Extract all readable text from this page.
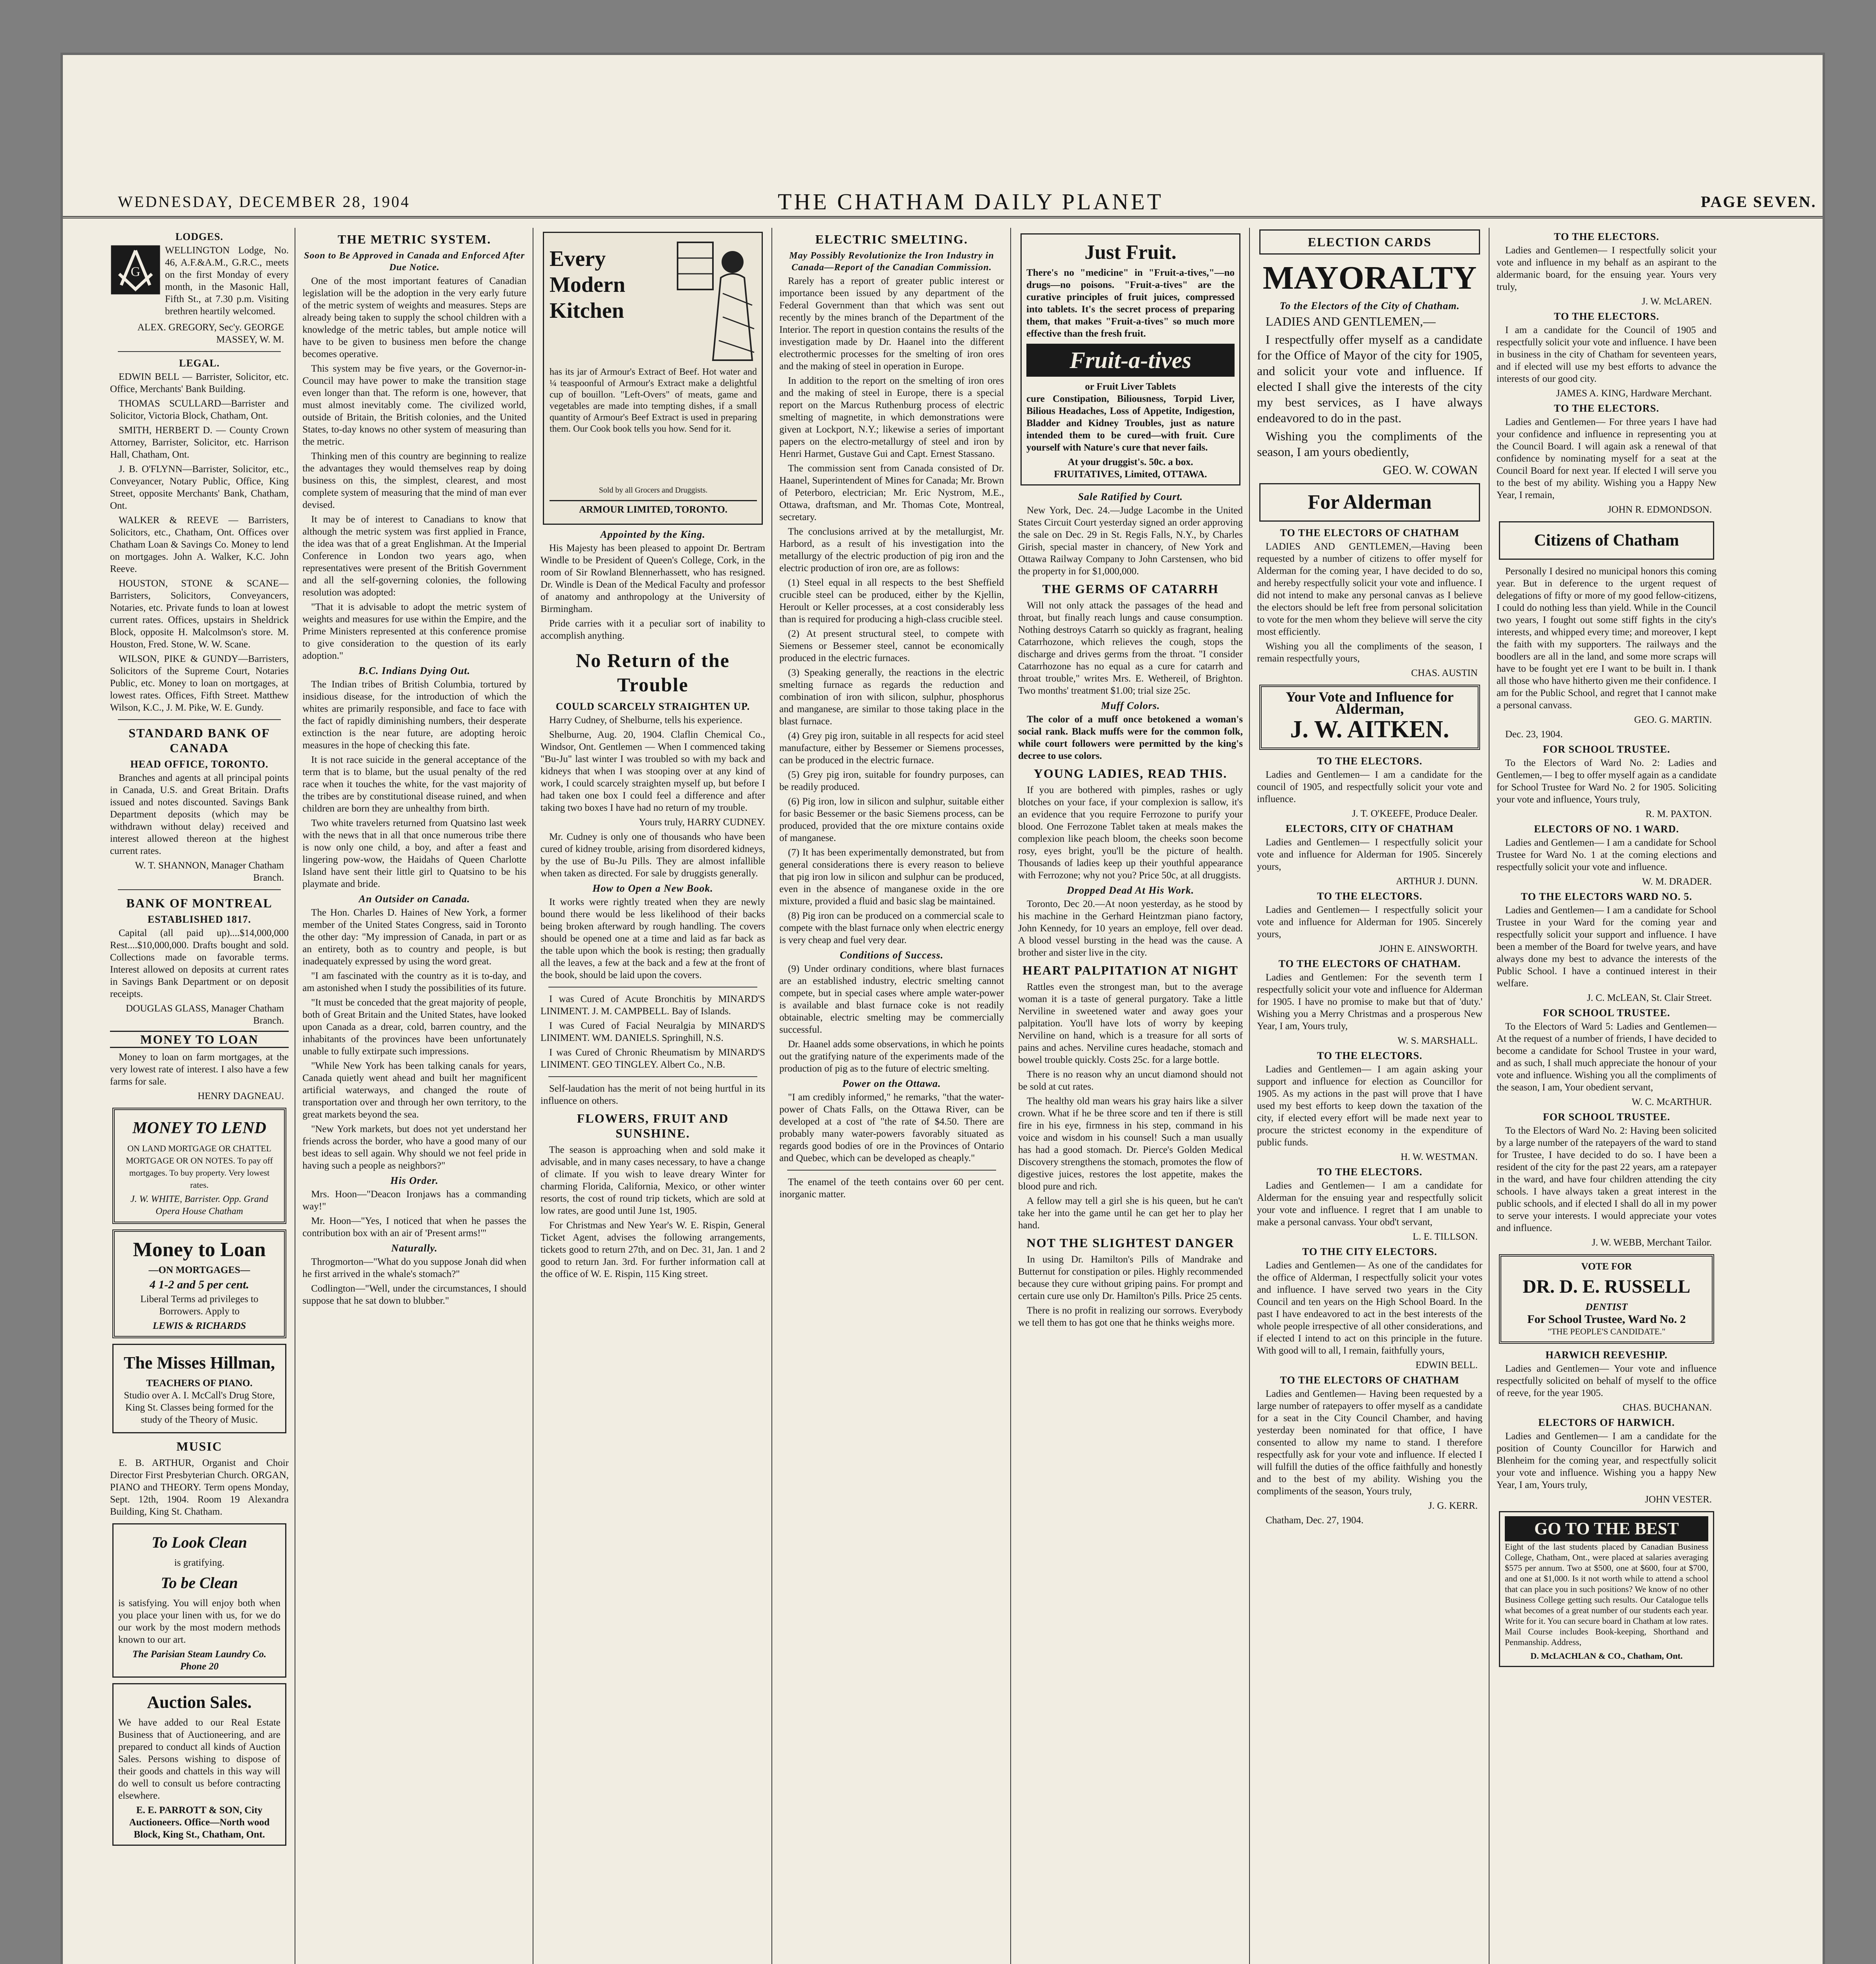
WEDNESDAY, DECEMBER 28, 1904	THE CHATHAM DAILY PLANET	PAGE SEVEN.
LODGES.
G

WELLINGTON Lodge, No. 46, A.F.&A.M., G.R.C., meets on the first Monday of every month, in the Masonic Hall, Fifth St., at 7.30 p.m. Visiting brethren heartily welcomed.

ALEX. GREGORY, Sec'y. GEORGE MASSEY, W. M.
LEGAL.

EDWIN BELL — Barrister, Solicitor, etc. Office, Merchants' Bank Building.

THOMAS SCULLARD—Barrister and Solicitor, Victoria Block, Chatham, Ont.

SMITH, HERBERT D. — County Crown Attorney, Barrister, Solicitor, etc. Harrison Hall, Chatham, Ont.

J. B. O'FLYNN—Barrister, Solicitor, etc., Conveyancer, Notary Public, Office, King Street, opposite Merchants' Bank, Chatham, Ont.

WALKER & REEVE — Barristers, Solicitors, etc., Chatham, Ont. Offices over Chatham Loan & Savings Co. Money to lend on mortgages. John A. Walker, K.C. John Reeve.

HOUSTON, STONE & SCANE—Barristers, Solicitors, Conveyancers, Notaries, etc. Private funds to loan at lowest current rates. Offices, upstairs in Sheldrick Block, opposite H. Malcolmson's store. M. Houston, Fred. Stone, W. W. Scane.

WILSON, PIKE & GUNDY—Barristers, Solicitors of the Supreme Court, Notaries Public, etc. Money to loan on mortgages, at lowest rates. Offices, Fifth Street. Matthew Wilson, K.C., J. M. Pike, W. E. Gundy.

STANDARD BANK OF CANADA
HEAD OFFICE, TORONTO.

Branches and agents at all principal points in Canada, U.S. and Great Britain. Drafts issued and notes discounted. Savings Bank Department deposits (which may be withdrawn without delay) received and interest allowed thereon at the highest current rates.

W. T. SHANNON, Manager Chatham Branch.
BANK OF MONTREAL
ESTABLISHED 1817.

Capital (all paid up)....$14,000,000 Rest....$10,000,000. Drafts bought and sold. Collections made on favorable terms. Interest allowed on deposits at current rates in Savings Bank Department or on deposit receipts.

DOUGLAS GLASS, Manager Chatham Branch.
MONEY TO LOAN

Money to loan on farm mortgages, at the very lowest rate of interest. I also have a few farms for sale.

HENRY DAGNEAU.
MONEY TO LEND

ON LAND MORTGAGE OR CHATTEL MORTGAGE OR ON NOTES. To pay off mortgages. To buy property. Very lowest rates.

J. W. WHITE, Barrister. Opp. Grand Opera House Chatham
Money to Loan
—ON MORTGAGES—
4 1-2 and 5 per cent.

Liberal Terms ad privileges to Borrowers. Apply to

LEWIS & RICHARDS
The Misses Hillman,
TEACHERS OF PIANO.

Studio over A. I. McCall's Drug Store, King St. Classes being formed for the study of the Theory of Music.

MUSIC

E. B. ARTHUR, Organist and Choir Director First Presbyterian Church. ORGAN, PIANO and THEORY. Term opens Monday, Sept. 12th, 1904. Room 19 Alexandra Building, King St. Chatham.

To Look Clean
is gratifying.
To be Clean

is satisfying. You will enjoy both when you place your linen with us, for we do our work by the most modern methods known to our art.

The Parisian Steam Laundry Co. Phone 20
Auction Sales.

We have added to our Real Estate Business that of Auctioneering, and are prepared to conduct all kinds of Auction Sales. Persons wishing to dispose of their goods and chattels in this way will do well to consult us before contracting elsewhere.

E. E. PARROTT & SON, City Auctioneers. Office—North wood Block, King St., Chatham, Ont.
THE METRIC SYSTEM.
Soon to Be Approved in Canada and Enforced After Due Notice.

One of the most important features of Canadian legislation will be the adoption in the very early future of the metric system of weights and measures. Steps are already being taken to supply the school children with a knowledge of the metric tables, but ample notice will have to be given to business men before the change becomes operative.

This system may be five years, or the Governor-in-Council may have power to make the transition stage even longer than that. The reform is one, however, that must almost inevitably come. The civilized world, outside of Britain, the British colonies, and the United States, to-day knows no other system of measuring than the metric.

Thinking men of this country are beginning to realize the advantages they would themselves reap by doing business on this, the simplest, clearest, and most complete system of measuring that the mind of man ever devised.

It may be of interest to Canadians to know that although the metric system was first applied in France, the idea was that of a great Englishman. At the Imperial Conference in London two years ago, when representatives were present of the British Government and all the self-governing colonies, the following resolution was adopted:

"That it is advisable to adopt the metric system of weights and measures for use within the Empire, and the Prime Ministers represented at this conference promise to give consideration to the question of its early adoption."

B.C. Indians Dying Out.

The Indian tribes of British Columbia, tortured by insidious disease, for the introduction of which the whites are primarily responsible, and face to face with the fact of rapidly diminishing numbers, their desperate extinction is the near future, are adopting heroic measures in the hope of checking this fate.

It is not race suicide in the general acceptance of the term that is to blame, but the usual penalty of the red race when it touches the white, for the vast majority of the tribes are by constitutional disease ruined, and when children are born they are unhealthy from birth.

Two white travelers returned from Quatsino last week with the news that in all that once numerous tribe there is now only one child, a boy, and after a feast and lingering pow-wow, the Haidahs of Queen Charlotte Island have sent their little girl to Quatsino to be his playmate and bride.

An Outsider on Canada.

The Hon. Charles D. Haines of New York, a former member of the United States Congress, said in Toronto the other day: "My impression of Canada, in part or as an entirety, both as to country and people, is but inadequately expressed by using the word great.

"I am fascinated with the country as it is to-day, and am astonished when I study the possibilities of its future.

"It must be conceded that the great majority of people, both of Great Britain and the United States, have looked upon Canada as a drear, cold, barren country, and the inhabitants of the provinces have been unfortunately unable to fully extirpate such impressions.

"While New York has been talking canals for years, Canada quietly went ahead and built her magnificent artificial waterways, and changed the route of transportation over and through her own territory, to the great markets beyond the sea.

"New York markets, but does not yet understand her friends across the border, who have a good many of our best ideas to sell again. Why should we not feel pride in having such a people as neighbors?"

His Order.

Mrs. Hoon—"Deacon Ironjaws has a commanding way!"

Mr. Hoon—"Yes, I noticed that when he passes the contribution box with an air of 'Present arms!'"

Naturally.

Throgmorton—"What do you suppose Jonah did when he first arrived in the whale's stomach?"

Codlington—"Well, under the circumstances, I should suppose that he sat down to blubber."

Every
Modern
Kitchen

has its jar of Armour's Extract of Beef. Hot water and ¼ teaspoonful of Armour's Extract make a delightful cup of bouillon. "Left-Overs" of meats, game and vegetables are made into tempting dishes, if a small quantity of Armour's Beef Extract is used in preparing them. Our Cook book tells you how. Send for it.

Sold by all Grocers and Druggists.
ARMOUR LIMITED, TORONTO.
Appointed by the King.

His Majesty has been pleased to appoint Dr. Bertram Windle to be President of Queen's College, Cork, in the room of Sir Rowland Blennerhassett, who has resigned. Dr. Windle is Dean of the Medical Faculty and professor of anatomy and anthropology at the University of Birmingham.

Pride carries with it a peculiar sort of inability to accomplish anything.

No Return of the Trouble
COULD SCARCELY STRAIGHTEN UP.

Harry Cudney, of Shelburne, tells his experience.

Shelburne, Aug. 20, 1904. Claflin Chemical Co., Windsor, Ont. Gentlemen — When I commenced taking "Bu-Ju" last winter I was troubled so with my back and kidneys that when I was stooping over at any kind of work, I could scarcely straighten myself up, but before I had taken one box I could feel a difference and after taking two boxes I have had no return of my trouble.

Yours truly, HARRY CUDNEY.

Mr. Cudney is only one of thousands who have been cured of kidney trouble, arising from disordered kidneys, by the use of Bu-Ju Pills. They are almost infallible when taken as directed. For sale by druggists generally.

How to Open a New Book.

It works were rightly treated when they are newly bound there would be less likelihood of their backs being broken afterward by rough handling. The covers should be opened one at a time and laid as far back as the table upon which the book is resting; then gradually all the leaves, a few at the back and a few at the front of the book, should be laid upon the covers.

I was Cured of Acute Bronchitis by MINARD'S LINIMENT. J. M. CAMPBELL. Bay of Islands.

I was Cured of Facial Neuralgia by MINARD'S LINIMENT. WM. DANIELS. Springhill, N.S.

I was Cured of Chronic Rheumatism by MINARD'S LINIMENT. GEO TINGLEY. Albert Co., N.B.

Self-laudation has the merit of not being hurtful in its influence on others.

FLOWERS, FRUIT AND SUNSHINE.

The season is approaching when and sold make it advisable, and in many cases necessary, to have a change of climate. If you wish to leave dreary Winter for charming Florida, California, Mexico, or other winter resorts, the cost of round trip tickets, which are sold at low rates, are good until June 1st, 1905.

For Christmas and New Year's W. E. Rispin, General Ticket Agent, advises the following arrangements, tickets good to return 27th, and on Dec. 31, Jan. 1 and 2 good to return Jan. 3rd. For further information call at the office of W. E. Rispin, 115 King street.

ELECTRIC SMELTING.
May Possibly Revolutionize the Iron Industry in Canada—Report of the Canadian Commission.

Rarely has a report of greater public interest or importance been issued by any department of the Federal Government than that which was sent out recently by the mines branch of the Department of the Interior. The report in question contains the results of the investigation made by Dr. Haanel into the different electrothermic processes for the smelting of iron ores and the making of steel in operation in Europe.

In addition to the report on the smelting of iron ores and the making of steel in Europe, there is a special report on the Marcus Ruthenburg process of electric smelting of magnetite, in which demonstrations were given at Lockport, N.Y.; likewise a series of important papers on the electro-metallurgy of steel and iron by Henri Harmet, Gustave Gui and Capt. Ernest Stassano.

The commission sent from Canada consisted of Dr. Haanel, Superintendent of Mines for Canada; Mr. Brown of Peterboro, electrician; Mr. Eric Nystrom, M.E., Ottawa, draftsman, and Mr. Thomas Cote, Montreal, secretary.

The conclusions arrived at by the metallurgist, Mr. Harbord, as a result of his investigation into the metallurgy of the electric production of pig iron and the electric production of iron ore, are as follows:

(1) Steel equal in all respects to the best Sheffield crucible steel can be produced, either by the Kjellin, Heroult or Keller processes, at a cost considerably less than is required for producing a high-class crucible steel.

(2) At present structural steel, to compete with Siemens or Bessemer steel, cannot be economically produced in the electric furnaces.

(3) Speaking generally, the reactions in the electric smelting furnace as regards the reduction and combination of iron with silicon, sulphur, phosphorus and manganese, are similar to those taking place in the blast furnace.

(4) Grey pig iron, suitable in all respects for acid steel manufacture, either by Bessemer or Siemens processes, can be produced in the electric furnace.

(5) Grey pig iron, suitable for foundry purposes, can be readily produced.

(6) Pig iron, low in silicon and sulphur, suitable either for basic Bessemer or the basic Siemens process, can be produced, provided that the ore mixture contains oxide of manganese.

(7) It has been experimentally demonstrated, but from general considerations there is every reason to believe that pig iron low in silicon and sulphur can be produced, even in the absence of manganese oxide in the ore mixture, provided a fluid and basic slag be maintained.

(8) Pig iron can be produced on a commercial scale to compete with the blast furnace only when electric energy is very cheap and fuel very dear.

Conditions of Success.

(9) Under ordinary conditions, where blast furnaces are an established industry, electric smelting cannot compete, but in special cases where ample water-power is available and blast furnace coke is not readily obtainable, electric smelting may be commercially successful.

Dr. Haanel adds some observations, in which he points out the gratifying nature of the experiments made of the production of pig as to the future of electric smelting.

Power on the Ottawa.

"I am credibly informed," he remarks, "that the water-power of Chats Falls, on the Ottawa River, can be developed at a cost of "the rate of $4.50. There are probably many water-powers favorably situated as regards good bodies of ore in the Provinces of Ontario and Quebec, which can be developed as cheaply."

The enamel of the teeth contains over 60 per cent. inorganic matter.

Just Fruit.

There's no "medicine" in "Fruit-a-tives,"—no drugs—no poisons. "Fruit-a-tives" are the curative principles of fruit juices, compressed into tablets. It's the secret process of preparing them, that makes "Fruit-a-tives" so much more effective than the fresh fruit.

Fruit-a-tives
or Fruit Liver Tablets

cure Constipation, Biliousness, Torpid Liver, Bilious Headaches, Loss of Appetite, Indigestion, Bladder and Kidney Troubles, just as nature intended them to be cured—with fruit. Cure yourself with Nature's cure that never fails.

At your druggist's. 50c. a box.
FRUITATIVES, Limited, OTTAWA.
Sale Ratified by Court.

New York, Dec. 24.—Judge Lacombe in the United States Circuit Court yesterday signed an order approving the sale on Dec. 29 in St. Regis Falls, N.Y., by Charles Girish, special master in chancery, of New York and Ottawa Railway Company to John Carstensen, who bid the property in for $1,000,000.

THE GERMS OF CATARRH

Will not only attack the passages of the head and throat, but finally reach lungs and cause consumption. Nothing destroys Catarrh so quickly as fragrant, healing Catarrhozone, which relieves the cough, stops the discharge and drives germs from the throat. "I consider Catarrhozone has no equal as a cure for catarrh and throat trouble," writes Mrs. E. Wethereil, of Brighton. Two months' treatment $1.00; trial size 25c.

Muff Colors.

The color of a muff once betokened a woman's social rank. Black muffs were for the common folk, while court followers were permitted by the king's decree to use colors.

YOUNG LADIES, READ THIS.

If you are bothered with pimples, rashes or ugly blotches on your face, if your complexion is sallow, it's an evidence that you require Ferrozone to purify your blood. One Ferrozone Tablet taken at meals makes the complexion like peach bloom, the cheeks soon become rosy, eyes bright, you'll be the picture of health. Thousands of ladies keep up their youthful appearance with Ferrozone; why not you? Price 50c, at all druggists.

Dropped Dead At His Work.

Toronto, Dec 20.—At noon yesterday, as he stood by his machine in the Gerhard Heintzman piano factory, John Kennedy, for 10 years an employe, fell over dead. A blood vessel bursting in the head was the cause. A brother and sister live in the city.

HEART PALPITATION AT NIGHT

Rattles even the strongest man, but to the average woman it is a taste of general purgatory. Take a little Nerviline in sweetened water and away goes your palpitation. You'll have lots of worry by keeping Nerviline on hand, which is a treasure for all sorts of pains and aches. Nerviline cures headache, stomach and bowel trouble quickly. Costs 25c. for a large bottle.

There is no reason why an uncut diamond should not be sold at cut rates.

The healthy old man wears his gray hairs like a silver crown. What if he be three score and ten if there is still fire in his eye, firmness in his step, command in his voice and wisdom in his counsel! Such a man usually has had a good stomach. Dr. Pierce's Golden Medical Discovery strengthens the stomach, promotes the flow of digestive juices, restores the lost appetite, makes the blood pure and rich.

A fellow may tell a girl she is his queen, but he can't take her into the game until he can get her to play her hand.

NOT THE SLIGHTEST DANGER

In using Dr. Hamilton's Pills of Mandrake and Butternut for constipation or piles. Highly recommended because they cure without griping pains. For prompt and certain cure use only Dr. Hamilton's Pills. Price 25 cents.

There is no profit in realizing our sorrows. Everybody we tell them to has got one that he thinks weighs more.

ELECTION CARDS
MAYORALTY
To the Electors of the City of Chatham.

LADIES AND GENTLEMEN,—

I respectfully offer myself as a candidate for the Office of Mayor of the city for 1905, and solicit your vote and influence. If elected I shall give the interests of the city my best services, as I have always endeavored to do in the past.

Wishing you the compliments of the season, I am yours obediently,

GEO. W. COWAN
For Alderman
TO THE ELECTORS OF CHATHAM

LADIES AND GENTLEMEN,—Having been requested by a number of citizens to offer myself for Alderman for the coming year, I have decided to do so, and hereby respectfully solicit your vote and influence. I did not intend to make any personal canvas as I believe the electors should be left free from personal solicitation to vote for the men whom they believe will serve the city most efficiently.

Wishing you all the compliments of the season, I remain respectfully yours,

CHAS. AUSTIN
Your Vote and Influence for
Alderman,
J. W. AITKEN.
TO THE ELECTORS.

Ladies and Gentlemen— I am a candidate for the council of 1905, and respectfully solicit your vote and influence.

J. T. O'KEEFE, Produce Dealer.
ELECTORS, CITY OF CHATHAM

Ladies and Gentlemen— I respectfully solicit your vote and influence for Alderman for 1905. Sincerely yours,

ARTHUR J. DUNN.
TO THE ELECTORS.

Ladies and Gentlemen— I respectfully solicit your vote and influence for Alderman for 1905. Sincerely yours,

JOHN E. AINSWORTH.
TO THE ELECTORS OF CHATHAM.

Ladies and Gentlemen: For the seventh term I respectfully solicit your vote and influence for Alderman for 1905. I have no promise to make but that of 'duty.' Wishing you a Merry Christmas and a prosperous New Year, I am, Yours truly,

W. S. MARSHALL.
TO THE ELECTORS.

Ladies and Gentlemen— I am again asking your support and influence for election as Councillor for 1905. As my actions in the past will prove that I have used my best efforts to keep down the taxation of the city, if elected every effort will be made next year to procure the strictest economy in the expenditure of public funds.

H. W. WESTMAN.
TO THE ELECTORS.

Ladies and Gentlemen— I am a candidate for Alderman for the ensuing year and respectfully solicit your vote and influence. I regret that I am unable to make a personal canvass. Your obd't servant,

L. E. TILLSON.
TO THE CITY ELECTORS.

Ladies and Gentlemen— As one of the candidates for the office of Alderman, I respectfully solicit your votes and influence. I have served two years in the City Council and ten years on the High School Board. In the past I have endeavored to act in the best interests of the whole people irrespective of all other considerations, and if elected I intend to act on this principle in the future. With good will to all, I remain, faithfully yours,

EDWIN BELL.
TO THE ELECTORS OF CHATHAM

Ladies and Gentlemen— Having been requested by a large number of ratepayers to offer myself as a candidate for a seat in the City Council Chamber, and having yesterday been nominated for that office, I have consented to allow my name to stand. I therefore respectfully ask for your vote and influence. If elected I will fulfill the duties of the office faithfully and honestly and to the best of my ability. Wishing you the compliments of the season, Yours truly,

J. G. KERR.

Chatham, Dec. 27, 1904.

TO THE ELECTORS.

Ladies and Gentlemen— I respectfully solicit your vote and influence in my behalf as an aspirant to the aldermanic board, for the ensuing year. Yours very truly,

J. W. McLAREN.
TO THE ELECTORS.

I am a candidate for the Council of 1905 and respectfully solicit your vote and influence. I have been in business in the city of Chatham for seventeen years, and if elected will use my best efforts to advance the interests of our good city.

JAMES A. KING, Hardware Merchant.
TO THE ELECTORS.

Ladies and Gentlemen— For three years I have had your confidence and influence in representing you at the Council Board. I will again ask a renewal of that confidence by nominating myself for a seat at the Council Board for next year. If elected I will serve you to the best of my ability. Wishing you a Happy New Year, I remain,

JOHN R. EDMONDSON.
Citizens of Chatham

Personally I desired no municipal honors this coming year. But in deference to the urgent request of delegations of fifty or more of my good fellow-citizens, I could do nothing less than yield. While in the Council two years, I fought out some stiff fights in the city's interests, and whipped every time; and moreover, I kept the faith with my supporters. The railways and the boodlers are all in the land, and some more scraps will have to be fought yet ere I want to be built in. I thank all those who have hitherto given me their confidence. I am for the Public School, and regret that I cannot make a personal canvass.

GEO. G. MARTIN.

Dec. 23, 1904.

FOR SCHOOL TRUSTEE.

To the Electors of Ward No. 2: Ladies and Gentlemen,— I beg to offer myself again as a candidate for School Trustee for Ward No. 2 for 1905. Soliciting your vote and influence, Yours truly,

R. M. PAXTON.
ELECTORS OF NO. 1 WARD.

Ladies and Gentlemen— I am a candidate for School Trustee for Ward No. 1 at the coming elections and respectfully solicit your vote and influence.

W. M. DRADER.
TO THE ELECTORS WARD NO. 5.

Ladies and Gentlemen— I am a candidate for School Trustee in your Ward for the coming year and respectfully solicit your support and influence. I have been a member of the Board for twelve years, and have always done my best to advance the interests of the Public School. I have a continued interest in their welfare.

J. C. McLEAN, St. Clair Street.
FOR SCHOOL TRUSTEE.

To the Electors of Ward 5: Ladies and Gentlemen— At the request of a number of friends, I have decided to become a candidate for School Trustee in your ward, and as such, I shall much appreciate the honour of your vote and influence. Wishing you all the compliments of the season, I am, Your obedient servant,

W. C. McARTHUR.
FOR SCHOOL TRUSTEE.

To the Electors of Ward No. 2: Having been solicited by a large number of the ratepayers of the ward to stand for Trustee, I have decided to do so. I have been a resident of the city for the past 22 years, am a ratepayer in the ward, and have four children attending the city schools. I have always taken a great interest in the public schools, and if elected I shall do all in my power to serve your interests. I would appreciate your votes and influence.

J. W. WEBB, Merchant Tailor.
VOTE FOR
DR. D. E. RUSSELL
DENTIST
For School Trustee, Ward No. 2
"THE PEOPLE'S CANDIDATE."
HARWICH REEVESHIP.

Ladies and Gentlemen— Your vote and influence respectfully solicited on behalf of myself to the office of reeve, for the year 1905.

CHAS. BUCHANAN.
ELECTORS OF HARWICH.

Ladies and Gentlemen— I am a candidate for the position of County Councillor for Harwich and Blenheim for the coming year, and respectfully solicit your vote and influence. Wishing you a happy New Year, I am, Yours truly,

JOHN VESTER.
GO TO THE BEST

Eight of the last students placed by Canadian Business College, Chatham, Ont., were placed at salaries averaging $575 per annum. Two at $500, one at $600, four at $700, and one at $1,000. Is it not worth while to attend a school that can place you in such positions? We know of no other Business College getting such results. Our Catalogue tells what becomes of a great number of our students each year. Write for it. You can secure board in Chatham at low rates. Mail Course includes Book-keeping, Shorthand and Penmanship. Address,

D. McLACHLAN & CO., Chatham, Ont.
